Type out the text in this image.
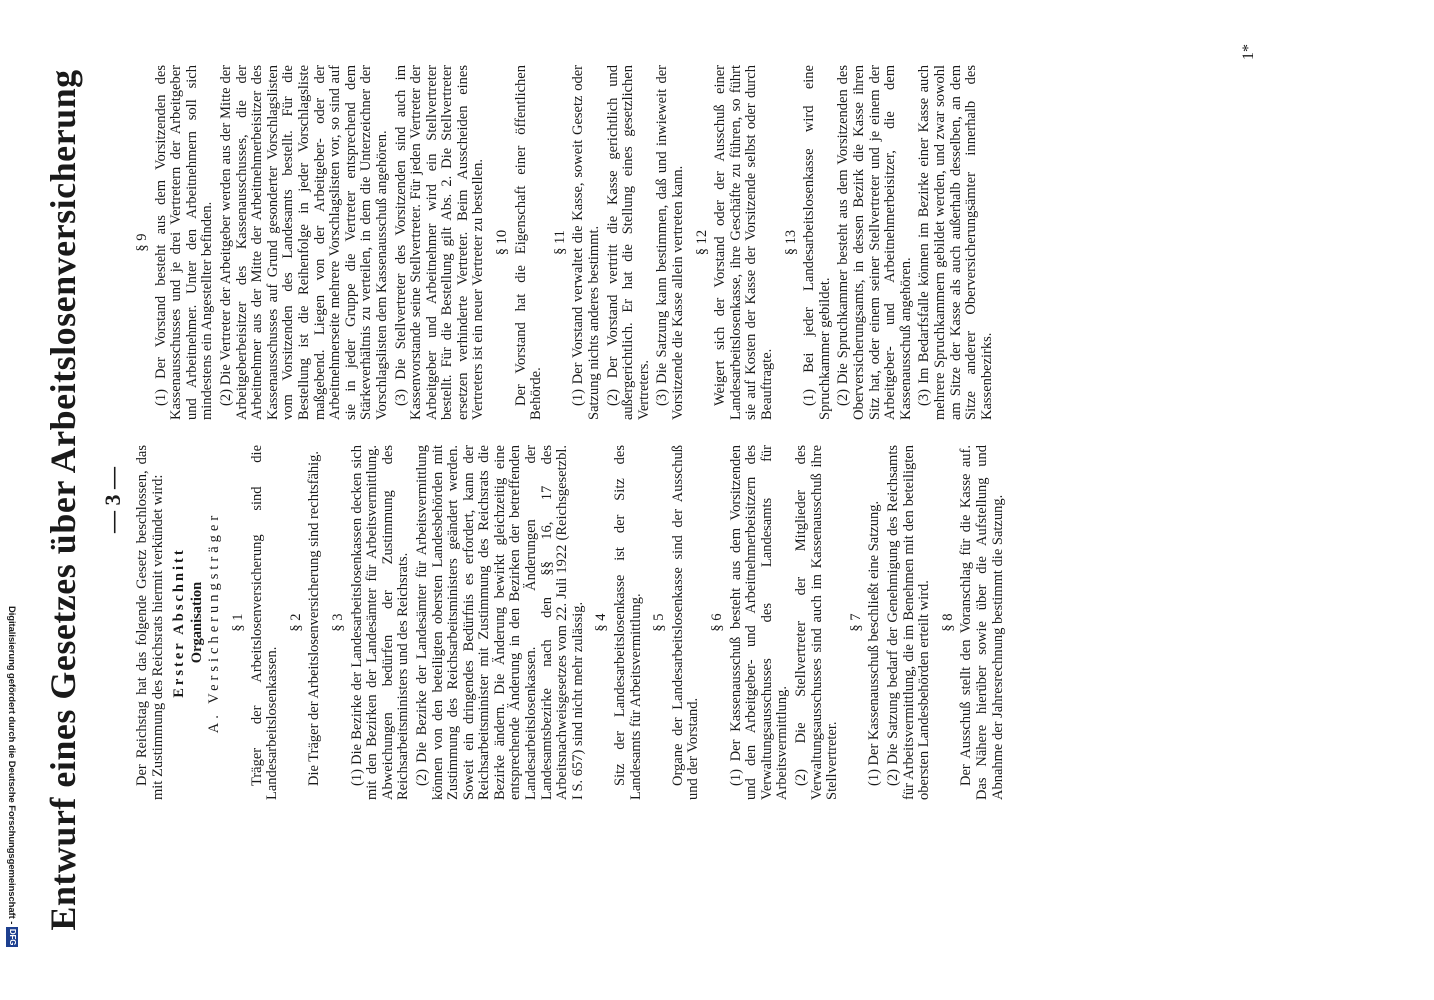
Entwurf eines Gesetzes über Arbeitslosenversicherung — 3 — Der Reichstag hat das folgende Gesetz beschlossen, das mit Zustimmung des Reichsrats hiermit verkündet wird: Erster Abschnitt Organisation A. Versicherungsträger § 1 Träger der Arbeitslosenversicherung sind die Landesarbeitslosenkassen.

§ 2 Die Träger der Arbeitslosenversicherung sind rechtsfähig. § 3 (1) Die Bezirke der Landesarbeitslosenkassen decken sich mit den Bezirken der Landesämter für Arbeitsvermittlung. Abweichungen bedürfen der Zustimmung des Reichsarbeitsministers und des Reichsrats. (2) Die Bezirke der Landesämter für Arbeitsvermittlung können von den beteiligten obersten Landesbehörden mit Zustimmung des Reichsarbeitsministers geändert werden. Soweit ein dringendes Bedürfnis es erfordert, kann der Reichsarbeitsminister mit Zustimmung des Reichsrats die Bezirke ändern. Die Änderung bewirkt gleichzeitig eine entsprechende Änderung in den Bezirken der betreffenden Landesarbeitslosenkassen. Änderungen der Landesamtsbezirke nach den §§ 16, 17 des Arbeitsnachweisgesetzes vom 22. Juli 1922 (Reichsgesetzbl. I S. 657) sind nicht mehr zulässig. § 4 Sitz der Landesarbeitslosenkasse ist der Sitz des Landesamts für Arbeitsvermittlung. § 5 Organe der Landesarbeitslosenkasse sind der Ausschuß und der Vorstand.

§ 6 (1) Der Kassenausschuß besteht aus dem Vorsitzenden und den Arbeitgeber- und Arbeitnehmerbeisitzern des Verwaltungsausschusses des Landesamts für Arbeitsvermittlung. (2) Die Stellvertreter der Mitglieder des Verwaltungsausschusses sind auch im Kassenausschuß ihre Stellvertreter.

§ 7 (1) Der Kassenausschuß beschließt eine Satzung. (2) Die Satzung bedarf der Genehmigung des Reichsamts für Arbeitsvermittlung, die im Benehmen mit den beteiligten obersten Landesbehörden erteilt wird. § 8 Der Ausschuß stellt den Voranschlag für die Kasse auf. Das Nähere hierüber sowie über die Aufstellung und Abnahme der Jahresrechnung bestimmt die Satzung.

§ 9 (1) Der Vorstand besteht aus dem Vorsitzenden des Kassenausschusses und je drei Vertretern der Arbeitgeber und Arbeitnehmer. Unter den Arbeitnehmern soll sich mindestens ein Angestellter befinden. (2) Die Vertreter der Arbeitgeber werden aus der Mitte der Arbeitgeberbeisitzer des Kassenausschusses, die der Arbeitnehmer aus der Mitte der Arbeitnehmerbeisitzer des Kassenausschusses auf Grund gesonderter Vorschlagslisten vom Vorsitzenden des Landesamts bestellt. Für die Bestellung ist die Reihenfolge in jeder Vorschlagsliste maßgebend. Liegen von der Arbeitgeber- oder der Arbeitnehmerseite mehrere Vorschlagslisten vor, so sind auf sie in jeder Gruppe die Vertreter entsprechend dem Stärkeverhältnis zu verteilen, in dem die Unterzeichner der Vorschlagslisten dem Kassenausschuß angehören. (3) Die Stellvertreter des Vorsitzenden sind auch im Kassenvorstande seine Stellvertreter. Für jeden Vertreter der Arbeitgeber und Arbeitnehmer wird ein Stellvertreter bestellt. Für die Bestellung gilt Abs. 2. Die Stellvertreter ersetzen verhinderte Vertreter. Beim Ausscheiden eines Vertreters ist ein neuer Vertreter zu bestellen. § 10 Der Vorstand hat die Eigenschaft einer öffentlichen Behörde.

§ 11 (1) Der Vorstand verwaltet die Kasse, soweit Gesetz oder Satzung nichts anderes bestimmt. (2) Der Vorstand vertritt die Kasse gerichtlich und außergerichtlich. Er hat die Stellung eines gesetzlichen Vertreters. (3) Die Satzung kann bestimmen, daß und inwieweit der Vorsitzende die Kasse allein vertreten kann. § 12 Weigert sich der Vorstand oder der Ausschuß einer Landesarbeitslosenkasse, ihre Geschäfte zu führen, so führt sie auf Kosten der Kasse der Vorsitzende selbst oder durch Beauftragte.

§ 13 (1) Bei jeder Landesarbeitslosenkasse wird eine Spruchkammer gebildet. (2) Die Spruchkammer besteht aus dem Vorsitzenden des Oberversicherungsamts, in dessen Bezirk die Kasse ihren Sitz hat, oder einem seiner Stellvertreter und je einem der Arbeitgeber- und Arbeitnehmerbeisitzer, die dem Kassenausschuß angehören. (3) Im Bedarfsfalle können im Bezirke einer Kasse auch mehrere Spruchkammern gebildet werden, und zwar sowohl am Sitze der Kasse als auch außerhalb desselben, an dem Sitze anderer Oberversicherungsämter innerhalb des Kassenbezirks.

1*
Digitalisierung gefördert durch die Deutsche Forschungsgemeinschaft - DFG
